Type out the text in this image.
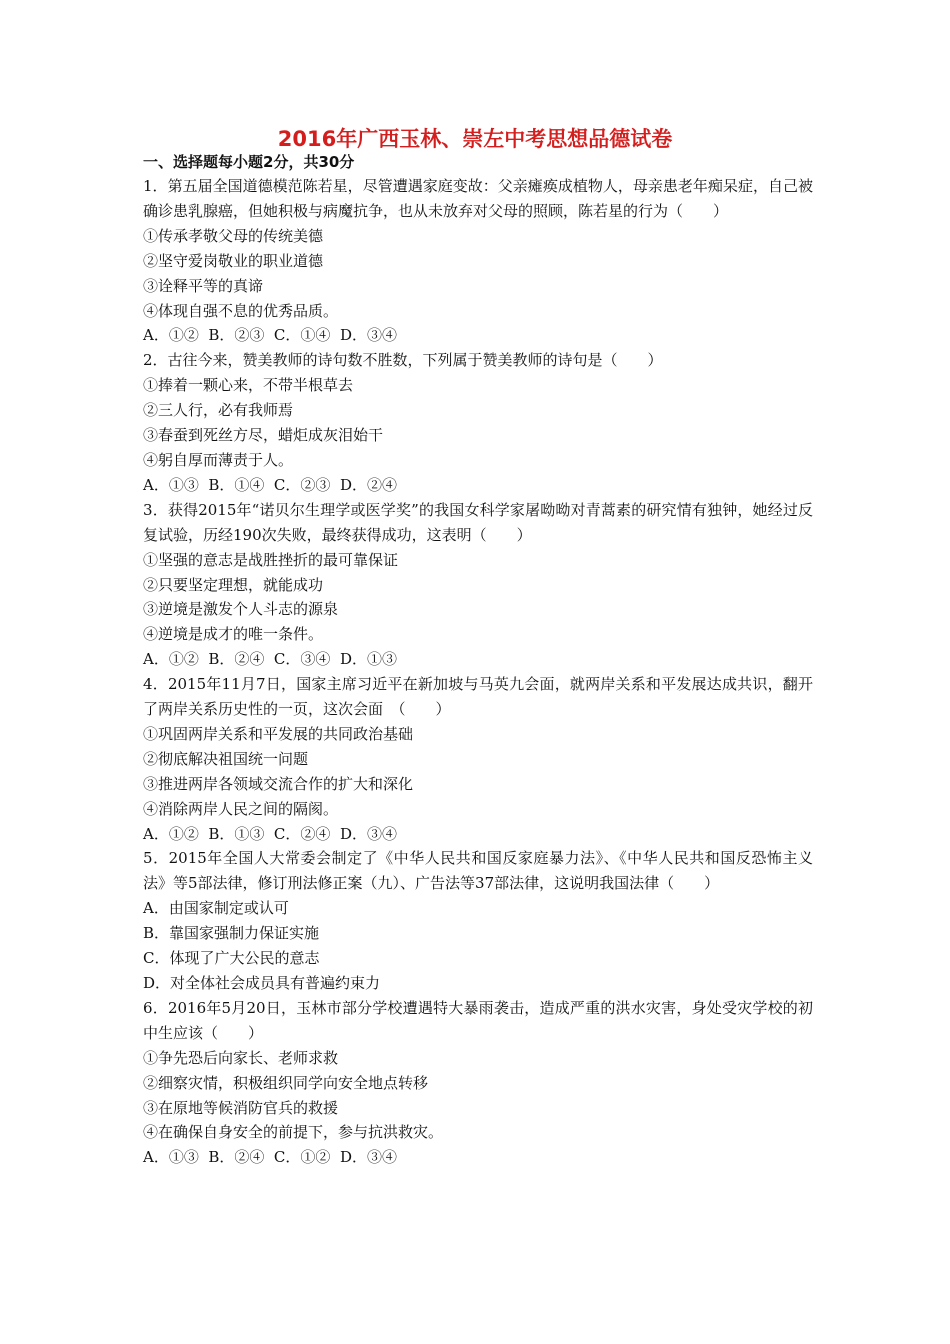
2016年广西玉林、崇左中考思想品德试卷
一、选择题每小题2分，共30分
1．第五届全国道德模范陈若星，尽管遭遇家庭变故：父亲瘫痪成植物人，母亲患老年痴呆症，自己被确诊患乳腺癌，但她积极与病魔抗争，也从未放弃对父母的照顾，陈若星的行为（　　）
①传承孝敬父母的传统美德
②坚守爱岗敬业的职业道德
③诠释平等的真谛
④体现自强不息的优秀品质。
A．①②  B．②③  C．①④  D．③④
2．古往今来，赞美教师的诗句数不胜数，下列属于赞美教师的诗句是（　　）
①捧着一颗心来，不带半根草去
②三人行，必有我师焉
③春蚕到死丝方尽，蜡炬成灰泪始干
④躬自厚而薄责于人。
A．①③  B．①④  C．②③  D．②④
3．获得2015年“诺贝尔生理学或医学奖”的我国女科学家屠呦呦对青蒿素的研究情有独钟，她经过反复试验，历经190次失败，最终获得成功，这表明（　　）
①坚强的意志是战胜挫折的最可靠保证
②只要坚定理想，就能成功
③逆境是激发个人斗志的源泉
④逆境是成才的唯一条件。
A．①②  B．②④  C．③④  D．①③
4．2015年11月7日，国家主席习近平在新加坡与马英九会面，就两岸关系和平发展达成共识，翻开了两岸关系历史性的一页，这次会面　（　　）
①巩固两岸关系和平发展的共同政治基础
②彻底解决祖国统一问题
③推进两岸各领域交流合作的扩大和深化
④消除两岸人民之间的隔阂。
A．①②  B．①③  C．②④  D．③④
5．2015年全国人大常委会制定了《中华人民共和国反家庭暴力法》、《中华人民共和国反恐怖主义法》等5部法律，修订刑法修正案（九）、广告法等37部法律，这说明我国法律（　　）
A．由国家制定或认可
B．靠国家强制力保证实施
C．体现了广大公民的意志
D．对全体社会成员具有普遍约束力
6．2016年5月20日，玉林市部分学校遭遇特大暴雨袭击，造成严重的洪水灾害，身处受灾学校的初中生应该（　　）
①争先恐后向家长、老师求救
②细察灾情，积极组织同学向安全地点转移
③在原地等候消防官兵的救援
④在确保自身安全的前提下，参与抗洪救灾。
A．①③  B．②④  C．①②  D．③④
